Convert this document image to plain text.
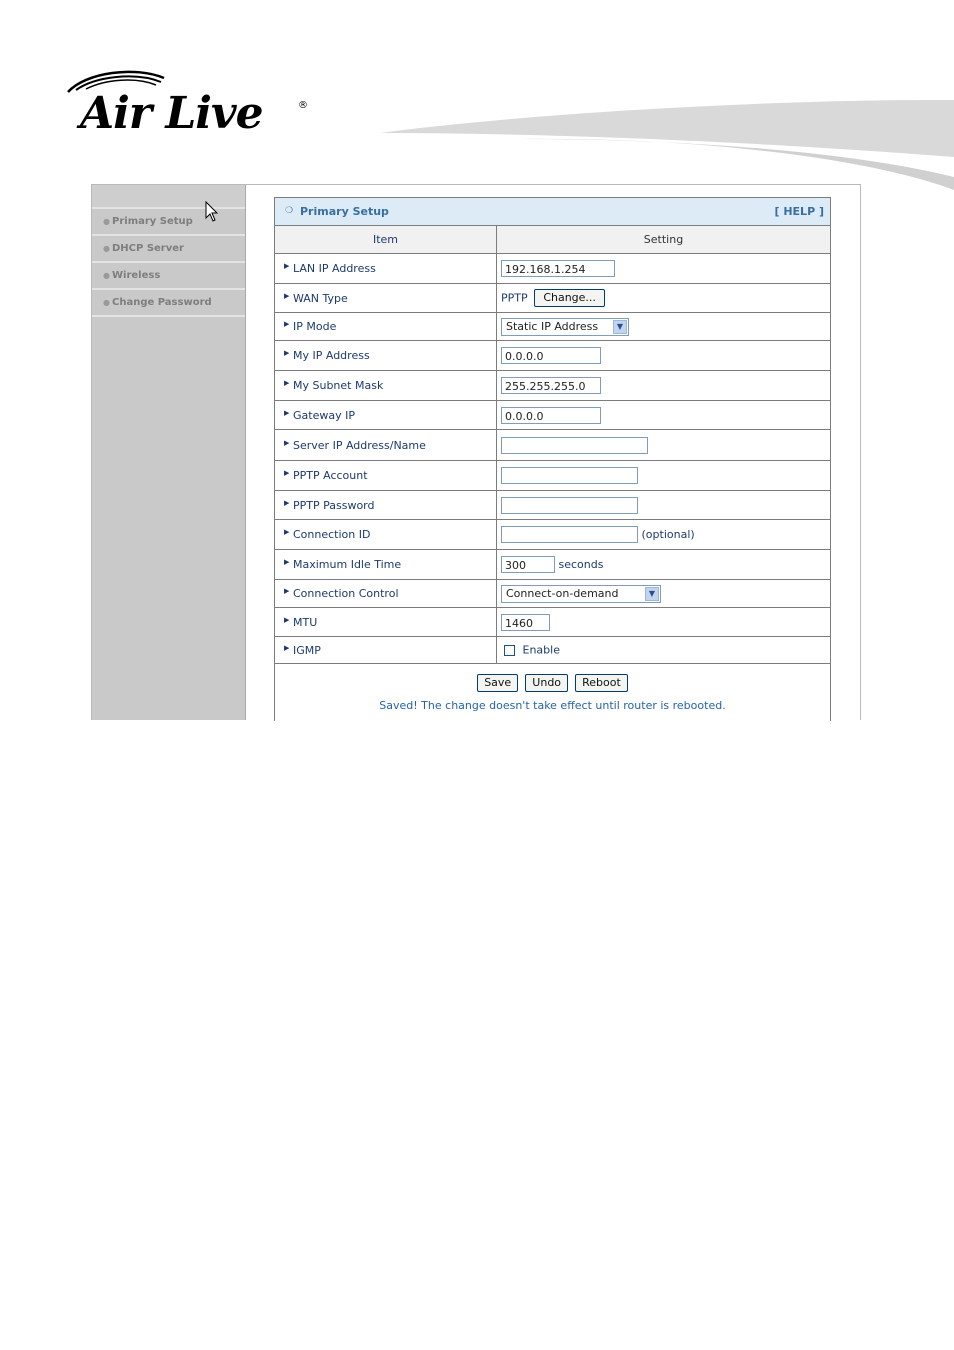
Air Live	®
● Primary Setup
● DHCP Server
● Wireless
● Change Password
❍ Primary Setup	[ HELP ]
Item	Setting

▶ LAN IP Address	192.168.1.254

▶ WAN Type	PPTP Change...

▶ IP Mode	Static IP Address ▼

▶ My IP Address	0.0.0.0

▶ My Subnet Mask	255.255.255.0

▶ Gateway IP	0.0.0.0

▶ Server IP Address/Name	

▶ PPTP Account	

▶ PPTP Password	

▶ Connection ID	(optional)

▶ Maximum Idle Time	300 seconds

▶ Connection Control	Connect-on-demand ▼

▶ MTU	1460

▶ IGMP	Enable
Save Undo Reboot
Saved! The change doesn't take effect until router is rebooted.
